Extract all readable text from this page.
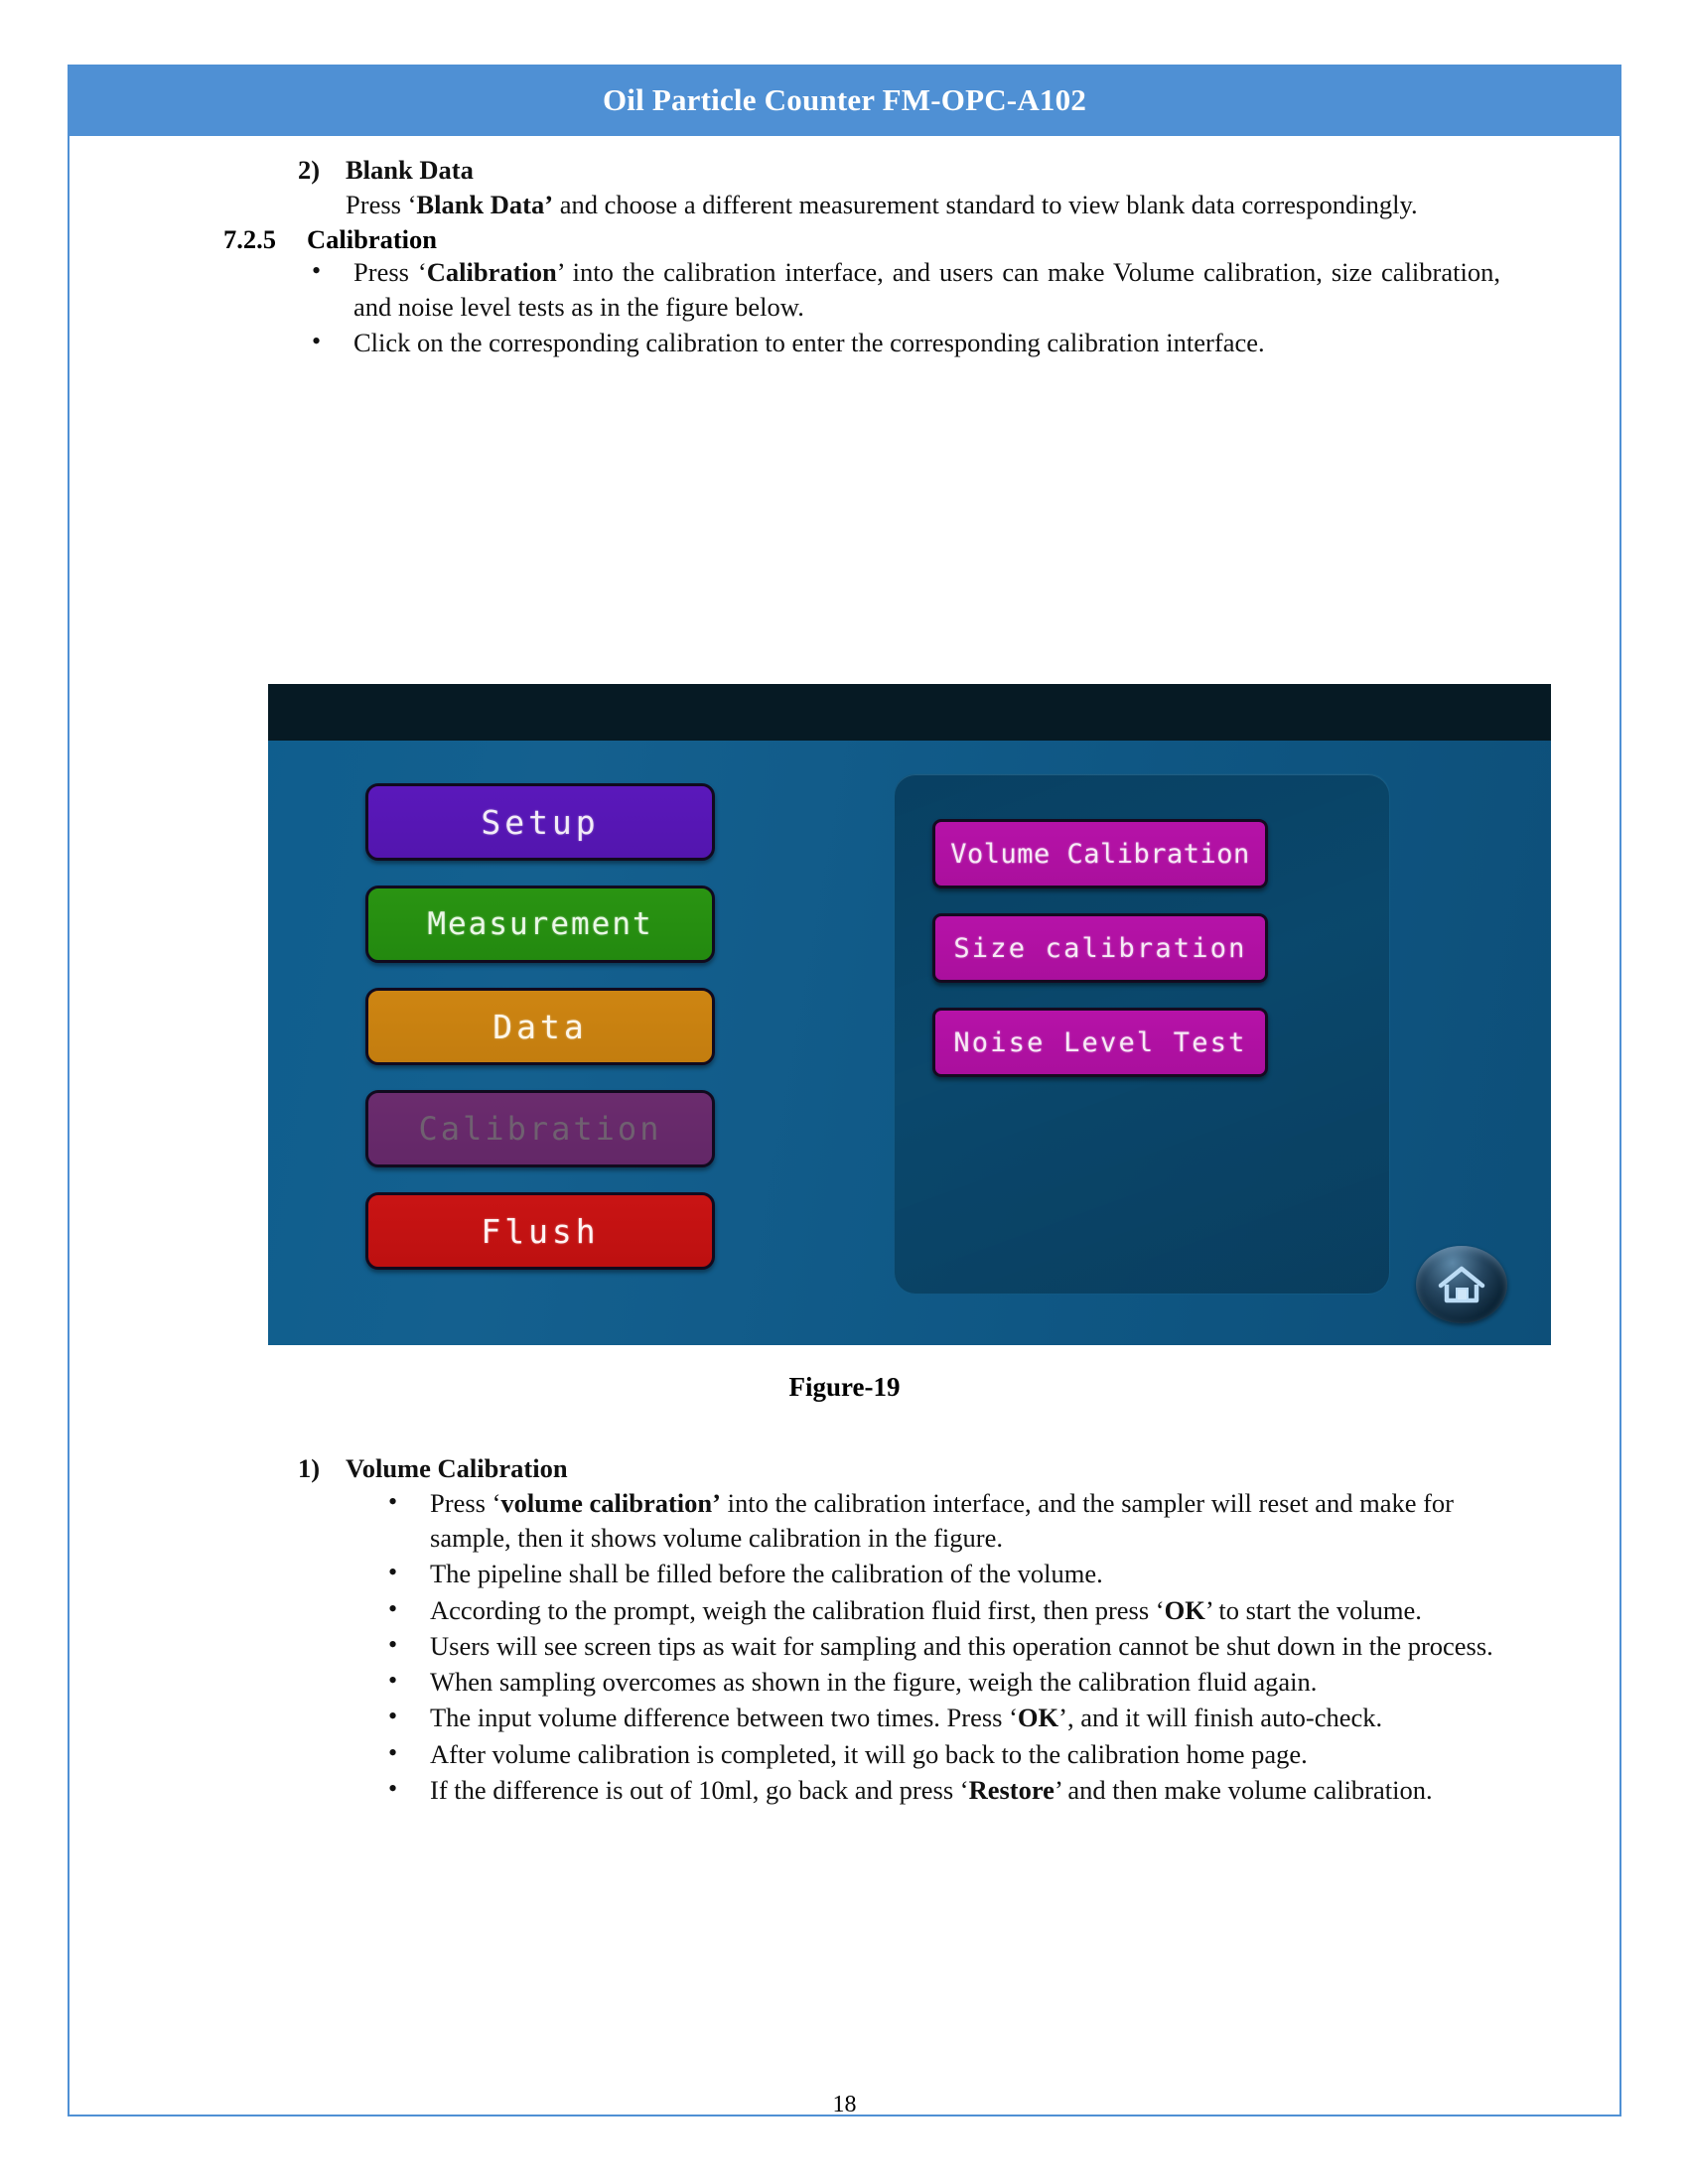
Oil Particle Counter FM-OPC-A102
2) Blank Data
Press ‘Blank Data’ and choose a different measurement standard to view blank data correspondingly.
7.2.5	Calibration
• Press ‘Calibration’ into the calibration interface, and users can make Volume calibration, size calibration, and noise level tests as in the figure below.
• Click on the corresponding calibration to enter the corresponding calibration interface.
Setup
Measurement
Data
Calibration
Flush
Volume Calibration
Size calibration
Noise Level Test
Figure-19
1) Volume Calibration
• Press ‘volume calibration’ into the calibration interface, and the sampler will reset and make for sample, then it shows volume calibration in the figure.
• The pipeline shall be filled before the calibration of the volume.
• According to the prompt, weigh the calibration fluid first, then press ‘OK’ to start the volume.
• Users will see screen tips as wait for sampling and this operation cannot be shut down in the process.
• When sampling overcomes as shown in the figure, weigh the calibration fluid again.
• The input volume difference between two times. Press ‘OK’, and it will finish auto-check.
• After volume calibration is completed, it will go back to the calibration home page.
• If the difference is out of 10ml, go back and press ‘Restore’ and then make volume calibration.
18
